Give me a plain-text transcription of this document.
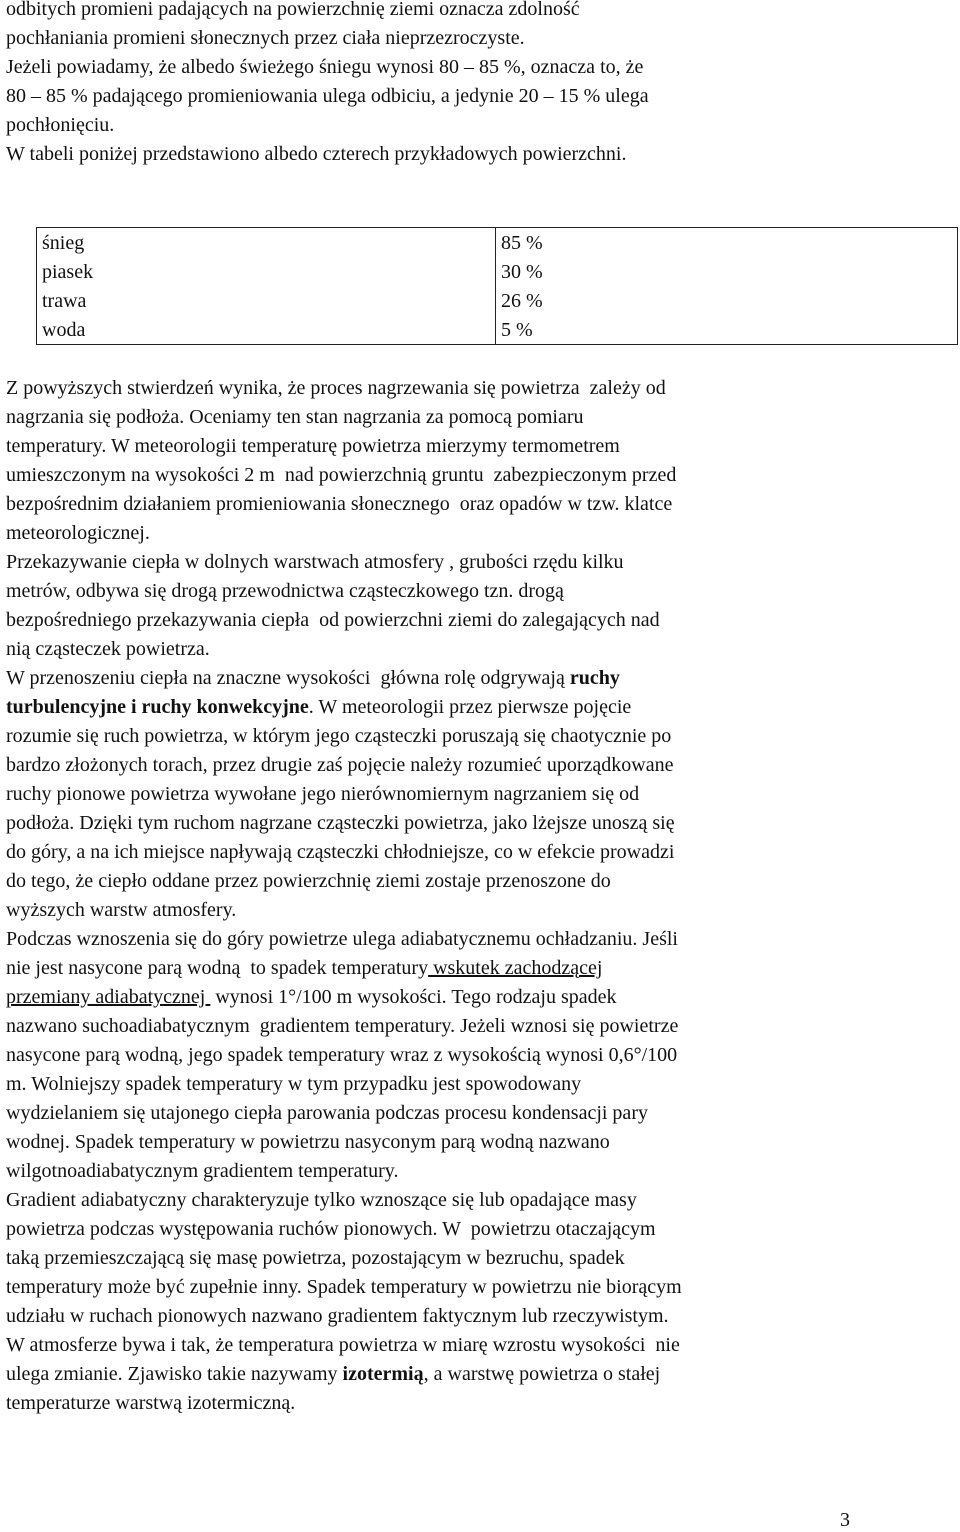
odbitych promieni padających na powierzchnię ziemi oznacza zdolność
pochłaniania promieni słonecznych przez ciała nieprzezroczyste.
Jeżeli powiadamy, że albedo świeżego śniegu wynosi 80 – 85 %, oznacza to, że
80 – 85 % padającego promieniowania ulega odbiciu, a jedynie 20 – 15 % ulega
pochłonięciu.
W tabeli poniżej przedstawiono albedo czterech przykładowych powierzchni.
śnieg	85 %
piasek	30 %
trawa	26 %
woda	5 %
Z powyższych stwierdzeń wynika, że proces nagrzewania się powietrza  zależy od
nagrzania się podłoża. Oceniamy ten stan nagrzania za pomocą pomiaru
temperatury. W meteorologii temperaturę powietrza mierzymy termometrem
umieszczonym na wysokości 2 m  nad powierzchnią gruntu  zabezpieczonym przed
bezpośrednim działaniem promieniowania słonecznego  oraz opadów w tzw. klatce
meteorologicznej.
Przekazywanie ciepła w dolnych warstwach atmosfery , grubości rzędu kilku
metrów, odbywa się drogą przewodnictwa cząsteczkowego tzn. drogą
bezpośredniego przekazywania ciepła  od powierzchni ziemi do zalegających nad
nią cząsteczek powietrza.
W przenoszeniu ciepła na znaczne wysokości  główna rolę odgrywają ruchy
turbulencyjne i ruchy konwekcyjne. W meteorologii przez pierwsze pojęcie
rozumie się ruch powietrza, w którym jego cząsteczki poruszają się chaotycznie po
bardzo złożonych torach, przez drugie zaś pojęcie należy rozumieć uporządkowane
ruchy pionowe powietrza wywołane jego nierównomiernym nagrzaniem się od
podłoża. Dzięki tym ruchom nagrzane cząsteczki powietrza, jako lżejsze unoszą się
do góry, a na ich miejsce napływają cząsteczki chłodniejsze, co w efekcie prowadzi
do tego, że ciepło oddane przez powierzchnię ziemi zostaje przenoszone do
wyższych warstw atmosfery.
Podczas wznoszenia się do góry powietrze ulega adiabatycznemu ochładzaniu. Jeśli
nie jest nasycone parą wodną  to spadek temperatury wskutek zachodzącej
przemiany adiabatycznej  wynosi 1°/100 m wysokości. Tego rodzaju spadek
nazwano suchoadiabatycznym  gradientem temperatury. Jeżeli wznosi się powietrze
nasycone parą wodną, jego spadek temperatury wraz z wysokością wynosi 0,6°/100
m. Wolniejszy spadek temperatury w tym przypadku jest spowodowany
wydzielaniem się utajonego ciepła parowania podczas procesu kondensacji pary
wodnej. Spadek temperatury w powietrzu nasyconym parą wodną nazwano
wilgotnoadiabatycznym gradientem temperatury.
Gradient adiabatyczny charakteryzuje tylko wznoszące się lub opadające masy
powietrza podczas występowania ruchów pionowych. W  powietrzu otaczającym
taką przemieszczającą się masę powietrza, pozostającym w bezruchu, spadek
temperatury może być zupełnie inny. Spadek temperatury w powietrzu nie biorącym
udziału w ruchach pionowych nazwano gradientem faktycznym lub rzeczywistym.
W atmosferze bywa i tak, że temperatura powietrza w miarę wzrostu wysokości  nie
ulega zmianie. Zjawisko takie nazywamy izotermią, a warstwę powietrza o stałej
temperaturze warstwą izotermiczną.
3
